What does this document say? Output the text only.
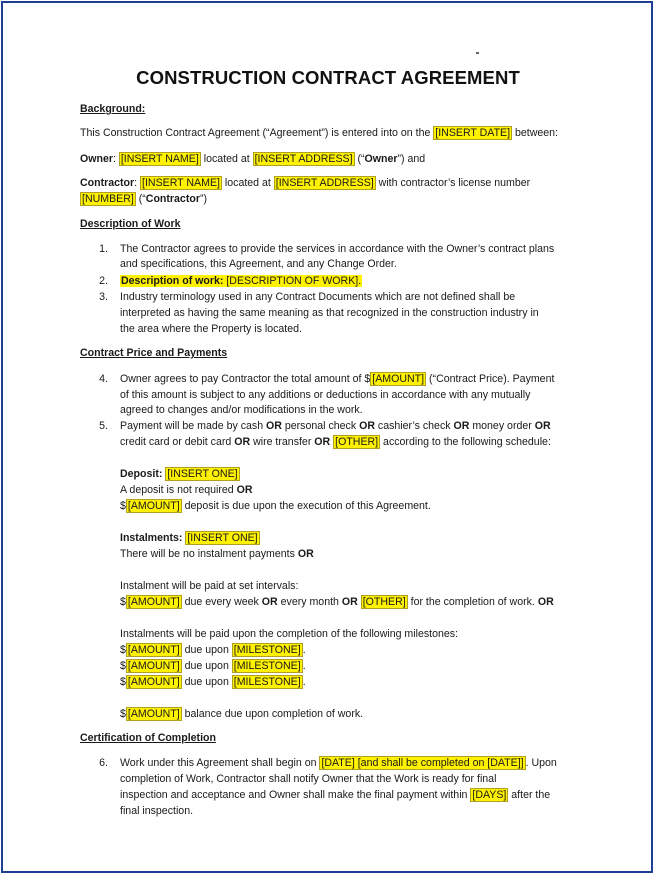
CONSTRUCTION CONTRACT AGREEMENT
Background:
This Construction Contract Agreement (“Agreement”) is entered into on the [INSERT DATE] between:
Owner: [INSERT NAME] located at [INSERT ADDRESS] (“Owner”) and
Contractor: [INSERT NAME] located at [INSERT ADDRESS] with contractor’s license number
[NUMBER] (“Contractor”)
Description of Work
1. The Contractor agrees to provide the services in accordance with the Owner’s contract plans
and specifications, this Agreement, and any Change Order.
2. Description of work: [DESCRIPTION OF WORK].
3. Industry terminology used in any Contract Documents which are not defined shall be
interpreted as having the same meaning as that recognized in the construction industry in
the area where the Property is located.
Contract Price and Payments
4. Owner agrees to pay Contractor the total amount of $ [AMOUNT] (“Contract Price). Payment
of this amount is subject to any additions or deductions in accordance with any mutually
agreed to changes and/or modifications in the work.
5. Payment will be made by cash OR personal check OR cashier’s check OR money order OR
credit card or debit card OR wire transfer OR [OTHER] according to the following schedule:
Deposit: [INSERT ONE]
A deposit is not required OR
$ [AMOUNT] deposit is due upon the execution of this Agreement.
Instalments: [INSERT ONE]
There will be no instalment payments OR
Instalment will be paid at set intervals:
$ [AMOUNT] due every week OR every month OR [OTHER] for the completion of work. OR
Instalments will be paid upon the completion of the following milestones:
$ [AMOUNT] due upon [MILESTONE] .
$ [AMOUNT] due upon [MILESTONE] .
$ [AMOUNT] due upon [MILESTONE] .
$ [AMOUNT] balance due upon completion of work.
Certification of Completion
6. Work under this Agreement shall begin on [DATE] [and shall be completed on [DATE]] . Upon
completion of Work, Contractor shall notify Owner that the Work is ready for final
inspection and acceptance and Owner shall make the final payment within [DAYS] after the
final inspection.
